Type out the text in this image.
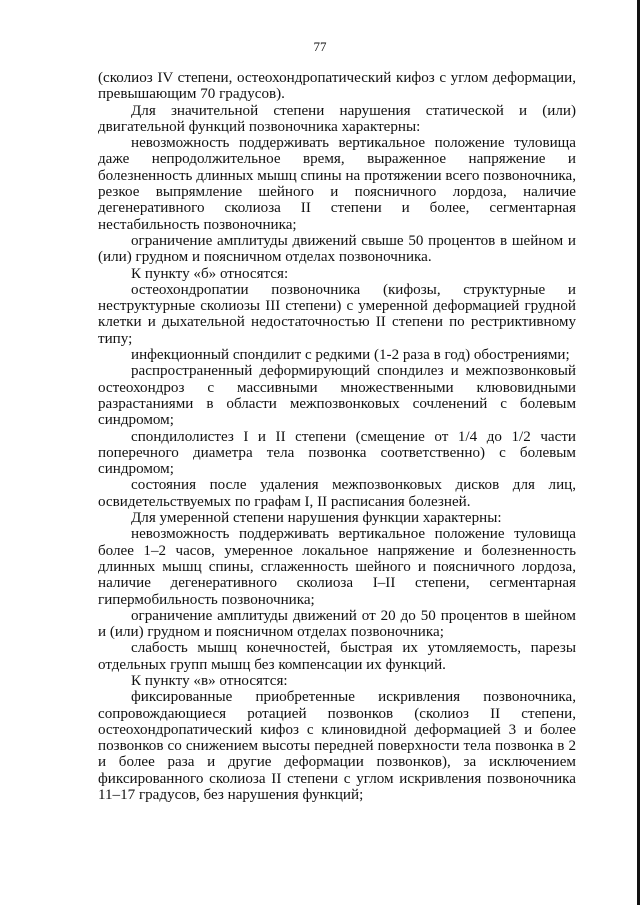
77

(сколиоз IV степени, остеохондропатический кифоз с углом деформации, превышающим 70 градусов).

Для значительной степени нарушения статической и (или) двигательной функций позвоночника характерны:

невозможность поддерживать вертикальное положение туловища даже непродолжительное время, выраженное напряжение и болезненность длинных мышц спины на протяжении всего позвоночника, резкое выпрямление шейного и поясничного лордоза, наличие дегенеративного сколиоза II степени и более, сегментарная нестабильность позвоночника;

ограничение амплитуды движений свыше 50 процентов в шейном и (или) грудном и поясничном отделах позвоночника.

К пункту «б» относятся:

остеохондропатии позвоночника (кифозы, структурные и неструктурные сколиозы III степени) с умеренной деформацией грудной клетки и дыхательной недостаточностью II степени по рестриктивному типу;

инфекционный спондилит с редкими (1-2 раза в год) обострениями;

распространенный деформирующий спондилез и межпозвонковый остеохондроз с массивными множественными клювовидными разрастаниями в области межпозвонковых сочленений с болевым синдромом;

спондилолистез I и II степени (смещение от 1/4 до 1/2 части поперечного диаметра тела позвонка соответственно) с болевым синдромом;

состояния после удаления межпозвонковых дисков для лиц, освидетельствуемых по графам I, II расписания болезней.

Для умеренной степени нарушения функции характерны:

невозможность поддерживать вертикальное положение туловища более 1–2 часов, умеренное локальное напряжение и болезненность длинных мышц спины, сглаженность шейного и поясничного лордоза, наличие дегенеративного сколиоза I–II степени, сегментарная гипермобильность позвоночника;

ограничение амплитуды движений от 20 до 50 процентов в шейном и (или) грудном и поясничном отделах позвоночника;

слабость мышц конечностей, быстрая их утомляемость, парезы отдельных групп мышц без компенсации их функций.

К пункту «в» относятся:

фиксированные приобретенные искривления позвоночника, сопровождающиеся ротацией позвонков (сколиоз II степени, остеохондропатический кифоз с клиновидной деформацией 3 и более позвонков со снижением высоты передней поверхности тела позвонка в 2 и более раза и другие деформации позвонков), за исключением фиксированного сколиоза II степени с углом искривления позвоночника 11–17 градусов, без нарушения функций;
